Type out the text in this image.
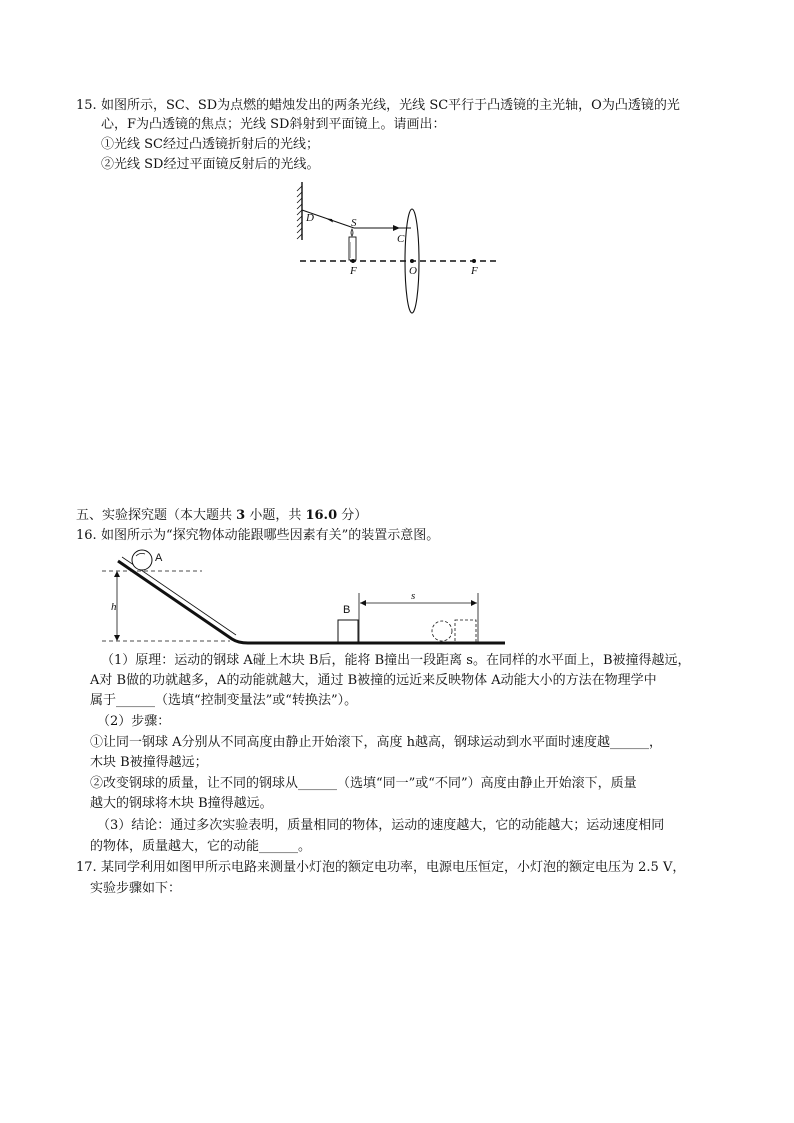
15. 如图所示，SC、SD为点燃的蜡烛发出的两条光线，光线 SC平行于凸透镜的主光轴，O为凸透镜的光
心，F为凸透镜的焦点；光线 SD斜射到平面镜上。请画出：
①光线 SC经过凸透镜折射后的光线；
②光线 SD经过平面镜反射后的光线。
D	S
C
F	O	F
五、实验探究题（本大题共 3 小题，共 16.0 分）
16. 如图所示为“探究物体动能跟哪些因素有关”的装置示意图。
h
A
B
s
（1）原理：运动的钢球 A碰上木块 B后，能将 B撞出一段距离 s。在同样的水平面上，B被撞得越远，
A对 B做的功就越多，A的动能就越大，通过 B被撞的远近来反映物体 A动能大小的方法在物理学中
属于______（选填“控制变量法”或“转换法”）。
（2）步骤：
①让同一钢球 A分别从不同高度由静止开始滚下，高度 h越高，钢球运动到水平面时速度越______，
木块 B被撞得越远；
②改变钢球的质量，让不同的钢球从______（选填“同一”或“不同”）高度由静止开始滚下，质量
越大的钢球将木块 B撞得越远。
（3）结论：通过多次实验表明，质量相同的物体，运动的速度越大，它的动能越大；运动速度相同
的物体，质量越大，它的动能______。
17. 某同学利用如图甲所示电路来测量小灯泡的额定电功率，电源电压恒定，小灯泡的额定电压为 2.5 V，
实验步骤如下：
